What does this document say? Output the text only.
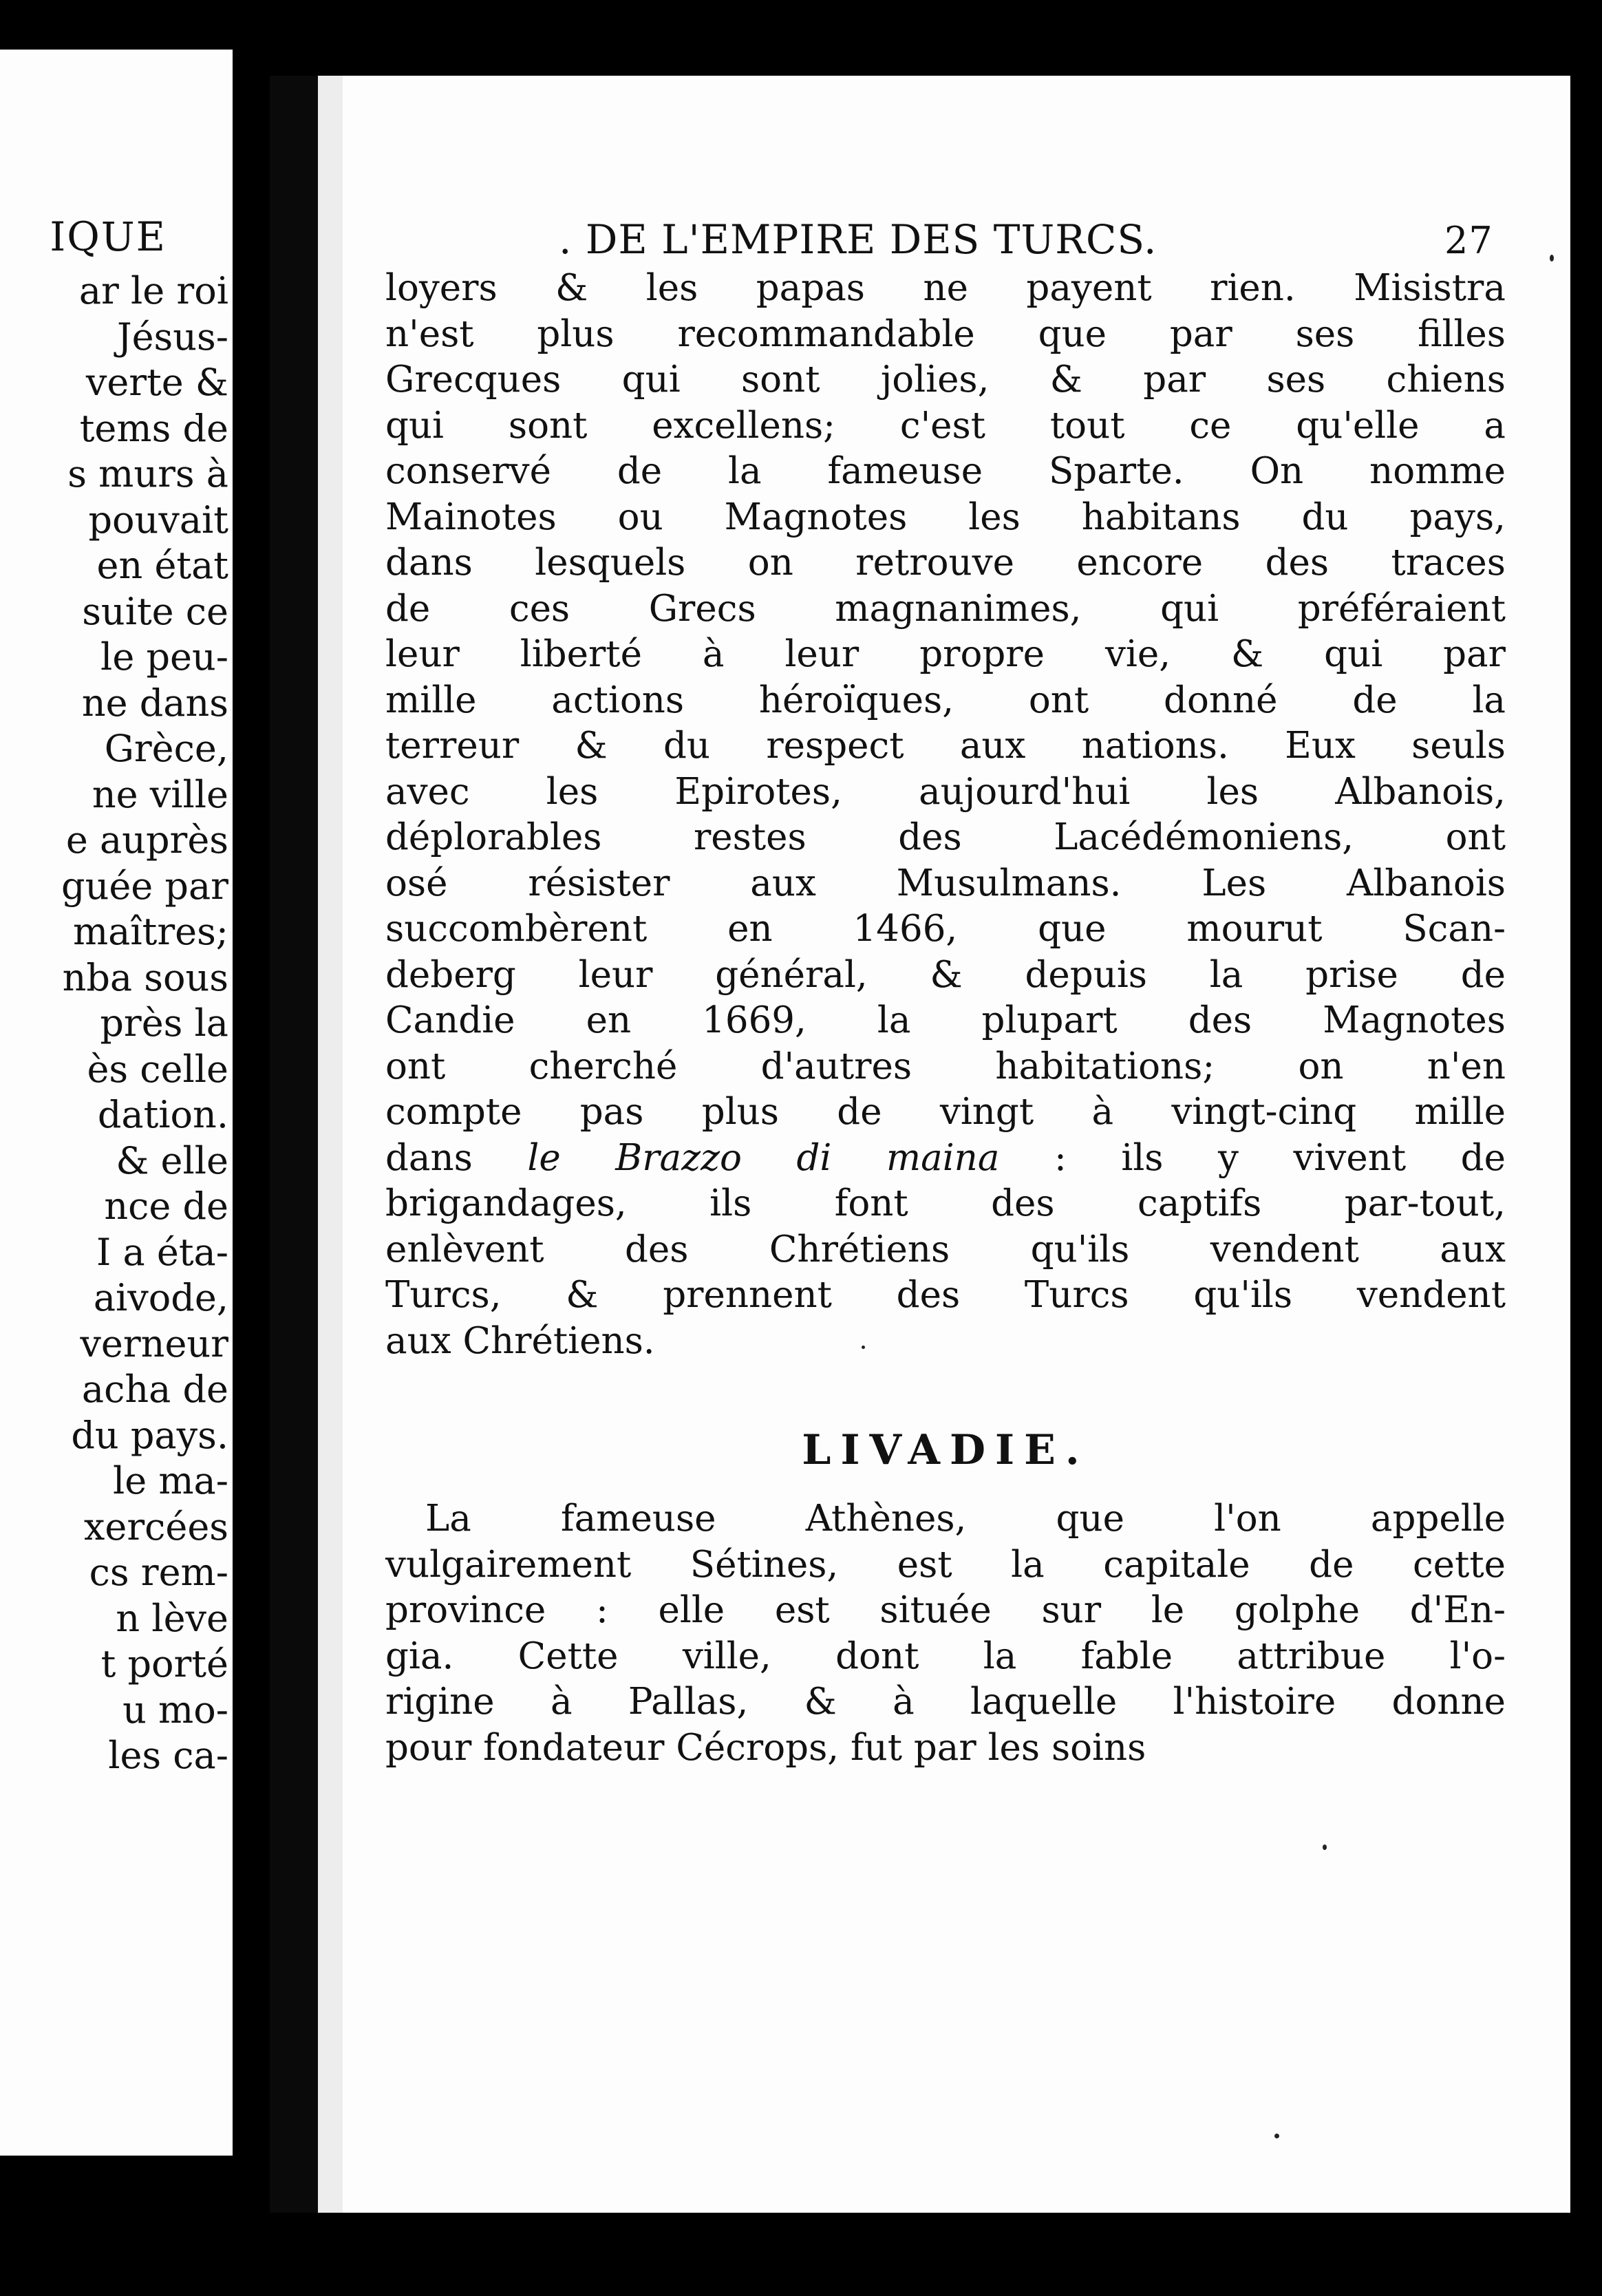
IQUE
ar le roi
Jésus-
verte &
tems de
s murs à
pouvait
en état
suite ce
le peu-
ne dans
Grèce,
ne ville
e auprès
guée par
maîtres;
nba sous
près la
ès celle
dation.
& elle
nce de
I a éta-
aivode,
verneur
acha de
du pays.
le ma-
xercées
cs rem-
n lève
t porté
u mo-
les ca-
. DE L'EMPIRE DES TURCS.	27
loyers & les papas ne payent rien. Misistra
n'est plus recommandable que par ses filles
Grecques qui sont jolies, & par ses chiens
qui sont excellens; c'est tout ce qu'elle a
conservé de la fameuse Sparte. On nomme
Mainotes ou Magnotes les habitans du pays,
dans lesquels on retrouve encore des traces
de ces Grecs magnanimes, qui préféraient
leur liberté à leur propre vie, & qui par
mille actions héroïques, ont donné de la
terreur & du respect aux nations. Eux seuls
avec les Epirotes, aujourd'hui les Albanois,
déplorables restes des Lacédémoniens, ont
osé résister aux Musulmans. Les Albanois
succombèrent en 1466, que mourut Scan-
deberg leur général, & depuis la prise de
Candie en 1669, la plupart des Magnotes
ont cherché d'autres habitations; on n'en
compte pas plus de vingt à vingt-cinq mille
dans le Brazzo di maina : ils y vivent de
brigandages, ils font des captifs par-tout,
enlèvent des Chrétiens qu'ils vendent aux
Turcs, & prennent des Turcs qu'ils vendent
aux Chrétiens.
LIVADIE.
La fameuse Athènes, que l'on appelle
vulgairement Sétines, est la capitale de cette
province : elle est située sur le golphe d'En-
gia. Cette ville, dont la fable attribue l'o-
rigine à Pallas, & à laquelle l'histoire donne
pour fondateur Cécrops, fut par les soins
